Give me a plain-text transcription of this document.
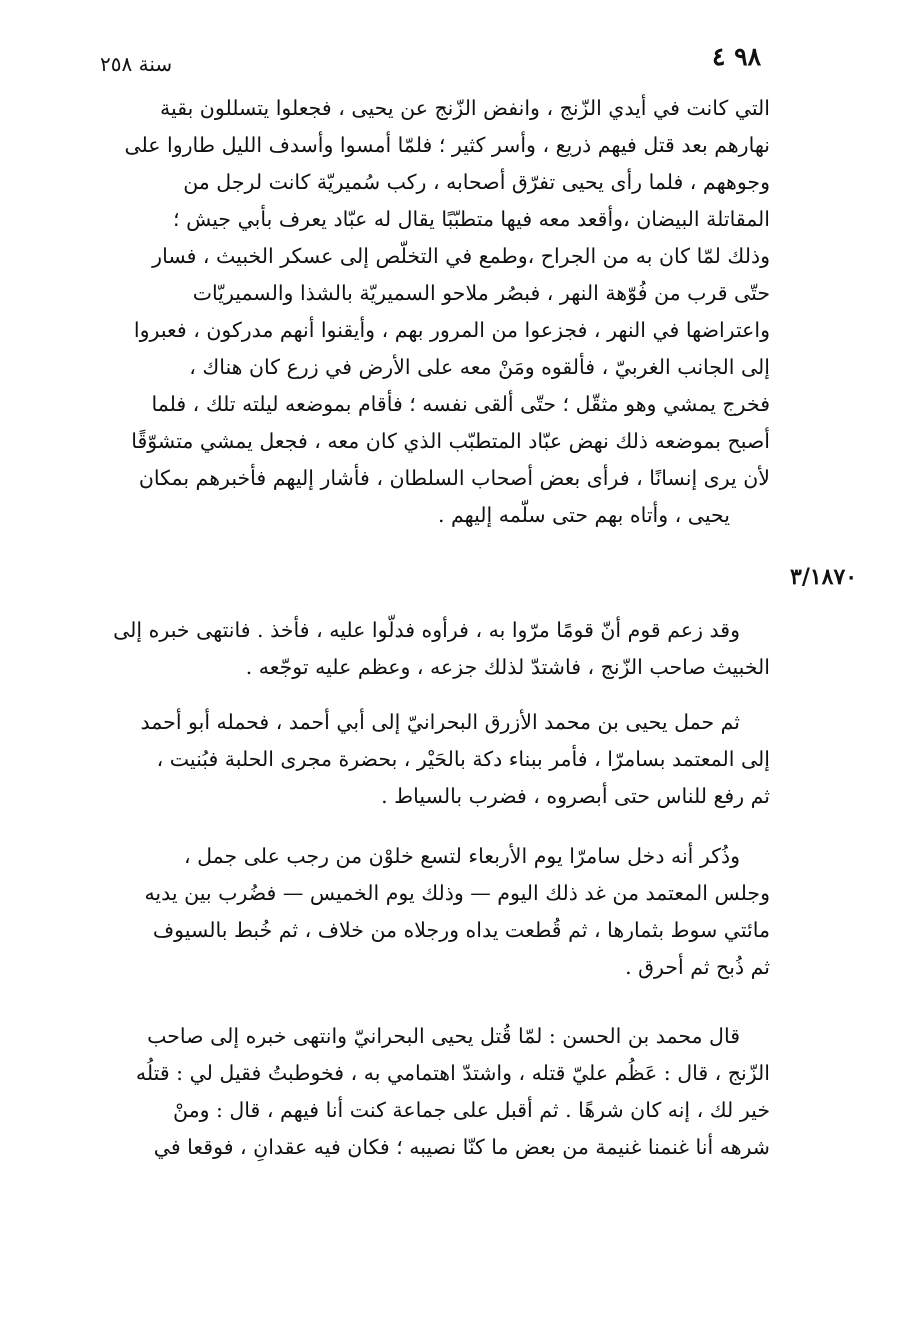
سنة ٢٥٨	٩٨ ٤
التي كانت في أيدي الزّنج ، وانفض الزّنج عن يحيى ، فجعلوا يتسللون بقية
نهارهم بعد قتل فيهم ذريع ، وأسر كثير ؛ فلمّا أمسوا وأسدف الليل طاروا على
وجوههم ، فلما رأى يحيى تفرّق أصحابه ، ركب سُميريّة كانت لرجل من
المقاتلة البيضان ،وأقعد معه فيها متطبّبًا يقال له عبّاد يعرف بأبي جيش ؛
وذلك لمّا كان به من الجراح ،وطمع في التخلّص إلى عسكر الخبيث ، فسار
حتّى قرب من فُوّهة النهر ، فبصُر ملاحو السميريّة بالشذا والسميريّات
واعتراضها في النهر ، فجزعوا من المرور بهم ، وأيقنوا أنهم مدركون ، فعبروا
إلى الجانب الغربيّ ، فألقوه ومَنْ معه على الأرض في زرع كان هناك ،
فخرج يمشي وهو مثقّل ؛ حتّى ألقى نفسه ؛ فأقام بموضعه ليلته تلك ، فلما
أصبح بموضعه ذلك نهض عبّاد المتطبّب الذي كان معه ، فجعل يمشي متشوّقًا
لأن يرى إنسانًا ، فرأى بعض أصحاب السلطان ، فأشار إليهم فأخبرهم بمكان
يحيى ، وأتاه بهم حتى سلّمه إليهم .
٣/١٨٧٠
وقد زعم قوم أنّ قومًا مرّوا به ، فرأوه فدلّوا عليه ، فأخذ . فانتهى خبره إلى
الخبيث صاحب الزّنج ، فاشتدّ لذلك جزعه ، وعظم عليه توجّعه .
ثم حمل يحيى بن محمد الأزرق البحرانيّ إلى أبي أحمد ، فحمله أبو أحمد
إلى المعتمد بسامرّا ، فأمر ببناء دكة بالحَيْر ، بحضرة مجرى الحلبة فبُنيت ،
ثم رفع للناس حتى أبصروه ، فضرب بالسياط .
وذُكر أنه دخل سامرّا يوم الأربعاء لتسع خلوْن من رجب على جمل ،
وجلس المعتمد من غد ذلك اليوم — وذلك يوم الخميس — فضُرب بين يديه
مائتي سوط بثمارها ، ثم قُطعت يداه ورجلاه من خلاف ، ثم خُبط بالسيوف
ثم ذُبح ثم أحرق .
قال محمد بن الحسن : لمّا قُتل يحيى البحرانيّ وانتهى خبره إلى صاحب
الزّنج ، قال : عَظُم عليّ قتله ، واشتدّ اهتمامي به ، فخوطبتُ فقيل لي : قتلُه
خير لك ، إنه كان شرهًا . ثم أقبل على جماعة كنت أنا فيهم ، قال : ومنْ
شرهه أنا غنمنا غنيمة من بعض ما كنّا نصيبه ؛ فكان فيه عقدانِ ، فوقعا في
